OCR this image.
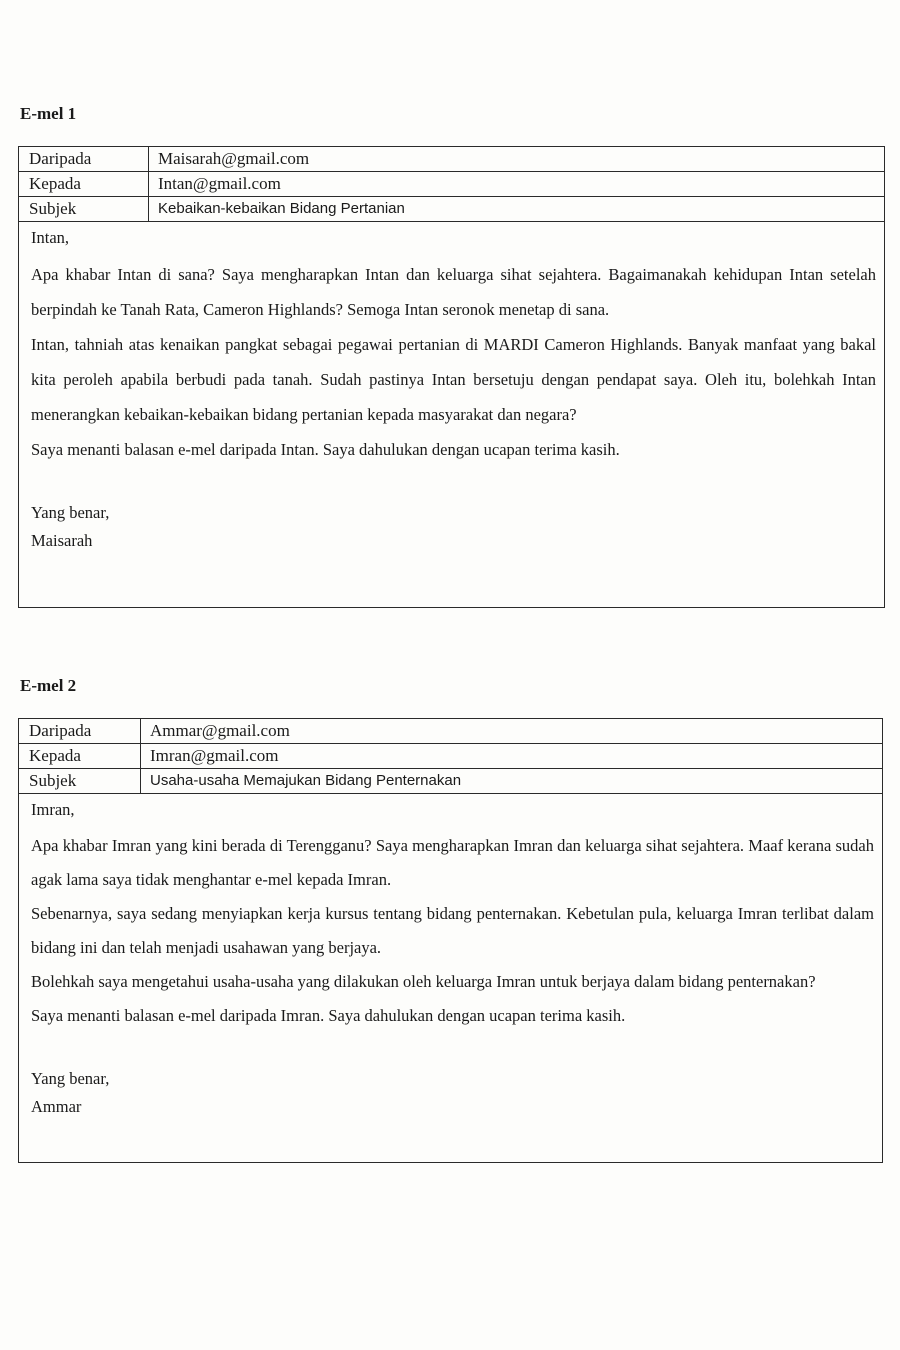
E-mel 1
Daripada	Maisarah@gmail.com
Kepada	Intan@gmail.com
Subjek	Kebaikan-kebaikan Bidang Pertanian
Intan,
Apa khabar Intan di sana? Saya mengharapkan Intan dan keluarga sihat sejahtera. Bagaimanakah kehidupan Intan setelah berpindah ke Tanah Rata, Cameron Highlands? Semoga Intan seronok menetap di sana.
Intan, tahniah atas kenaikan pangkat sebagai pegawai pertanian di MARDI Cameron Highlands. Banyak manfaat yang bakal kita peroleh apabila berbudi pada tanah. Sudah pastinya Intan bersetuju dengan pendapat saya. Oleh itu, bolehkah Intan menerangkan kebaikan-kebaikan bidang pertanian kepada masyarakat dan negara?
Saya menanti balasan e-mel daripada Intan. Saya dahulukan dengan ucapan terima kasih.
Yang benar,
Maisarah
E-mel 2
Daripada	Ammar@gmail.com
Kepada	Imran@gmail.com
Subjek	Usaha-usaha Memajukan Bidang Penternakan
Imran,
Apa khabar Imran yang kini berada di Terengganu? Saya mengharapkan Imran dan keluarga sihat sejahtera. Maaf kerana sudah agak lama saya tidak menghantar e-mel kepada Imran.
Sebenarnya, saya sedang menyiapkan kerja kursus tentang bidang penternakan. Kebetulan pula, keluarga Imran terlibat dalam bidang ini dan telah menjadi usahawan yang berjaya.
Bolehkah saya mengetahui usaha-usaha yang dilakukan oleh keluarga Imran untuk berjaya dalam bidang penternakan?
Saya menanti balasan e-mel daripada Imran. Saya dahulukan dengan ucapan terima kasih.
Yang benar,
Ammar
